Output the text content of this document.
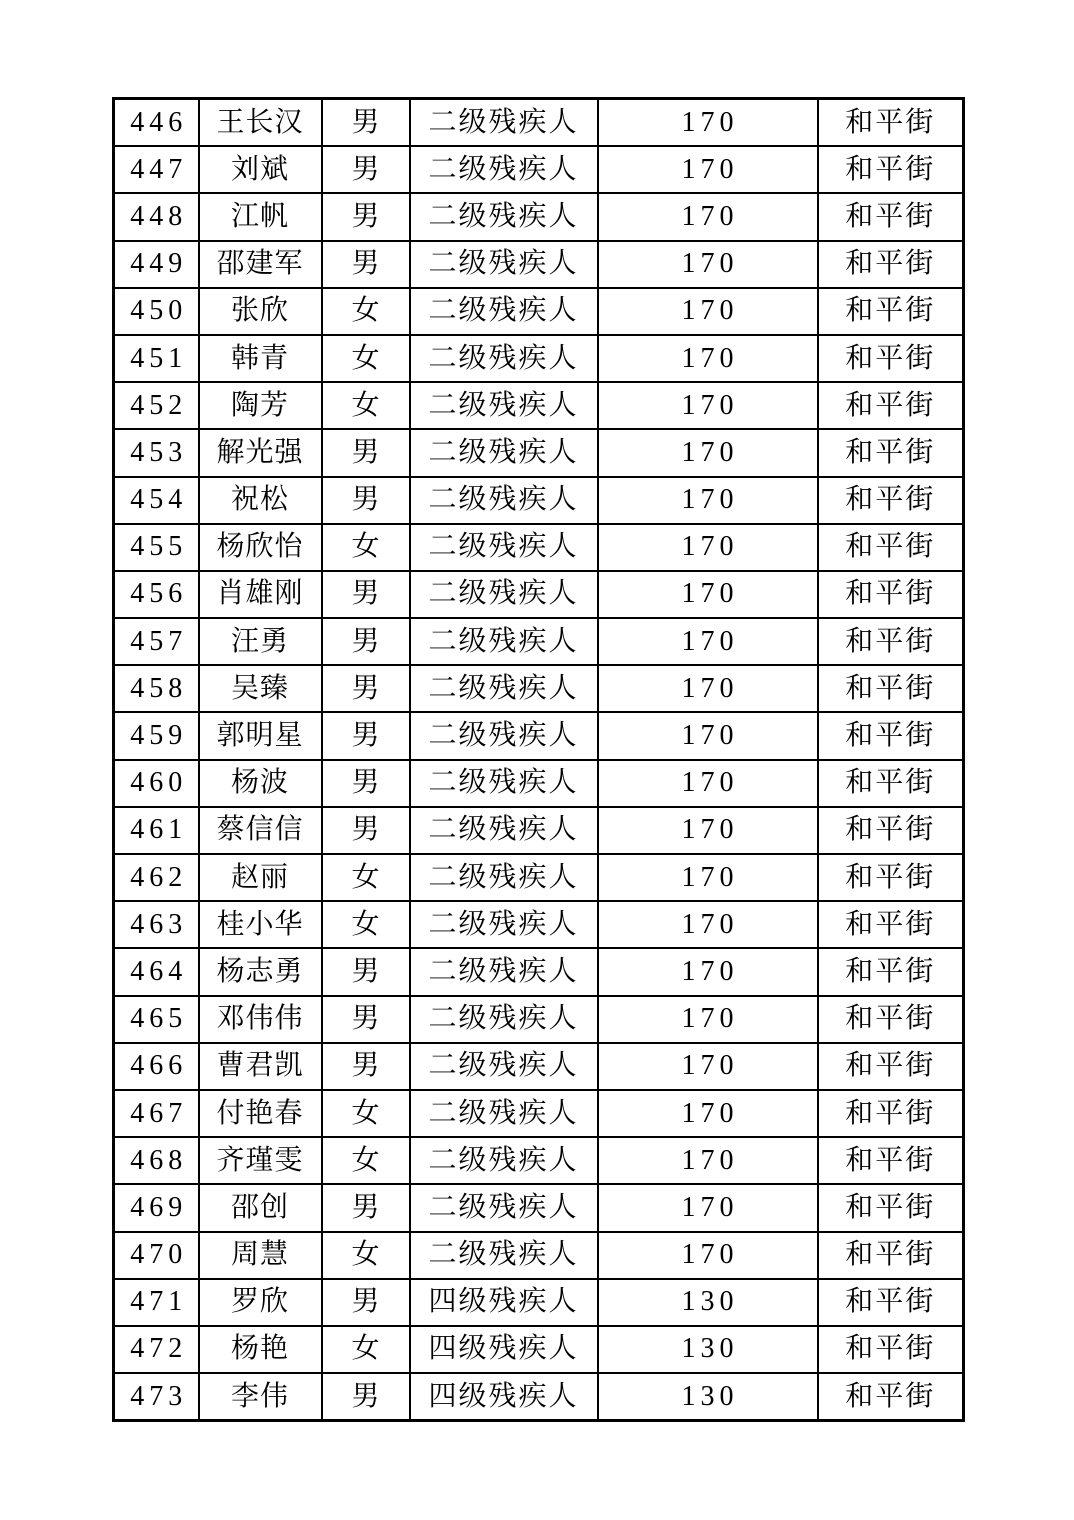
446	王长汉	男	二级残疾人	170	和平街
447	刘斌	男	二级残疾人	170	和平街
448	江帆	男	二级残疾人	170	和平街
449	邵建军	男	二级残疾人	170	和平街
450	张欣	女	二级残疾人	170	和平街
451	韩青	女	二级残疾人	170	和平街
452	陶芳	女	二级残疾人	170	和平街
453	解光强	男	二级残疾人	170	和平街
454	祝松	男	二级残疾人	170	和平街
455	杨欣怡	女	二级残疾人	170	和平街
456	肖雄刚	男	二级残疾人	170	和平街
457	汪勇	男	二级残疾人	170	和平街
458	吴臻	男	二级残疾人	170	和平街
459	郭明星	男	二级残疾人	170	和平街
460	杨波	男	二级残疾人	170	和平街
461	蔡信信	男	二级残疾人	170	和平街
462	赵丽	女	二级残疾人	170	和平街
463	桂小华	女	二级残疾人	170	和平街
464	杨志勇	男	二级残疾人	170	和平街
465	邓伟伟	男	二级残疾人	170	和平街
466	曹君凯	男	二级残疾人	170	和平街
467	付艳春	女	二级残疾人	170	和平街
468	齐瑾雯	女	二级残疾人	170	和平街
469	邵创	男	二级残疾人	170	和平街
470	周慧	女	二级残疾人	170	和平街
471	罗欣	男	四级残疾人	130	和平街
472	杨艳	女	四级残疾人	130	和平街
473	李伟	男	四级残疾人	130	和平街
